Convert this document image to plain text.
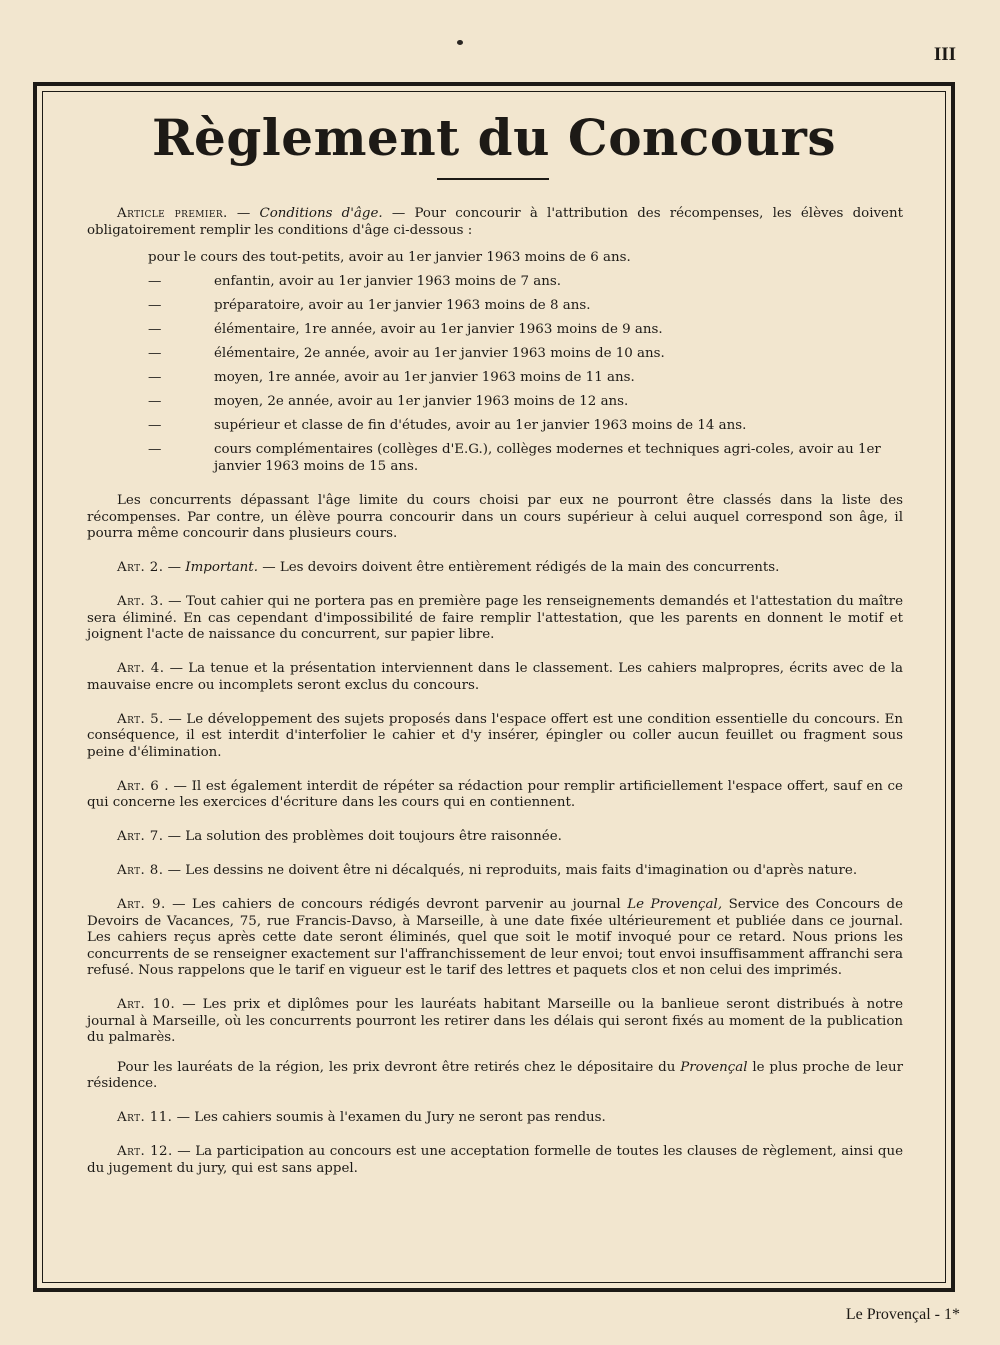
III
Règlement du Concours

Article premier. — Conditions d'âge. — Pour concourir à l'attribution des récompenses, les élèves doivent obligatoirement remplir les conditions d'âge ci-dessous :

pour le cours des tout-petits, avoir au 1er janvier 1963 moins de 6 ans.
—	enfantin, avoir au 1er janvier 1963 moins de 7 ans.
—	préparatoire, avoir au 1er janvier 1963 moins de 8 ans.
—	élémentaire, 1re année, avoir au 1er janvier 1963 moins de 9 ans.
—	élémentaire, 2e année, avoir au 1er janvier 1963 moins de 10 ans.
—	moyen, 1re année, avoir au 1er janvier 1963 moins de 11 ans.
—	moyen, 2e année, avoir au 1er janvier 1963 moins de 12 ans.
—	supérieur et classe de fin d'études, avoir au 1er janvier 1963 moins de 14 ans.
—	cours complémentaires (collèges d'E.G.), collèges modernes et techniques agri-coles, avoir au 1er janvier 1963 moins de 15 ans.

Les concurrents dépassant l'âge limite du cours choisi par eux ne pourront être classés dans la liste des récompenses. Par contre, un élève pourra concourir dans un cours supérieur à celui auquel correspond son âge, il pourra même concourir dans plusieurs cours.

Art. 2. — Important. — Les devoirs doivent être entièrement rédigés de la main des concurrents.

Art. 3. — Tout cahier qui ne portera pas en première page les renseignements demandés et l'attestation du maître sera éliminé. En cas cependant d'impossibilité de faire remplir l'attestation, que les parents en donnent le motif et joignent l'acte de naissance du concurrent, sur papier libre.

Art. 4. — La tenue et la présentation interviennent dans le classement. Les cahiers malpropres, écrits avec de la mauvaise encre ou incomplets seront exclus du concours.

Art. 5. — Le développement des sujets proposés dans l'espace offert est une condition essentielle du concours. En conséquence, il est interdit d'interfolier le cahier et d'y insérer, épingler ou coller aucun feuillet ou fragment sous peine d'élimination.

Art. 6 . — Il est également interdit de répéter sa rédaction pour remplir artificiellement l'espace offert, sauf en ce qui concerne les exercices d'écriture dans les cours qui en contiennent.

Art. 7. — La solution des problèmes doit toujours être raisonnée.

Art. 8. — Les dessins ne doivent être ni décalqués, ni reproduits, mais faits d'imagination ou d'après nature.

Art. 9. — Les cahiers de concours rédigés devront parvenir au journal Le Provençal, Service des Concours de Devoirs de Vacances, 75, rue Francis-Davso, à Marseille, à une date fixée ultérieurement et publiée dans ce journal. Les cahiers reçus après cette date seront éliminés, quel que soit le motif invoqué pour ce retard. Nous prions les concurrents de se renseigner exactement sur l'affranchissement de leur envoi; tout envoi insuffisamment affranchi sera refusé. Nous rappelons que le tarif en vigueur est le tarif des lettres et paquets clos et non celui des imprimés.

Art. 10. — Les prix et diplômes pour les lauréats habitant Marseille ou la banlieue seront distribués à notre journal à Marseille, où les concurrents pourront les retirer dans les délais qui seront fixés au moment de la publication du palmarès.

Pour les lauréats de la région, les prix devront être retirés chez le dépositaire du Provençal le plus proche de leur résidence.

Art. 11. — Les cahiers soumis à l'examen du Jury ne seront pas rendus.

Art. 12. — La participation au concours est une acceptation formelle de toutes les clauses de règlement, ainsi que du jugement du jury, qui est sans appel.

Le Provençal - 1*
